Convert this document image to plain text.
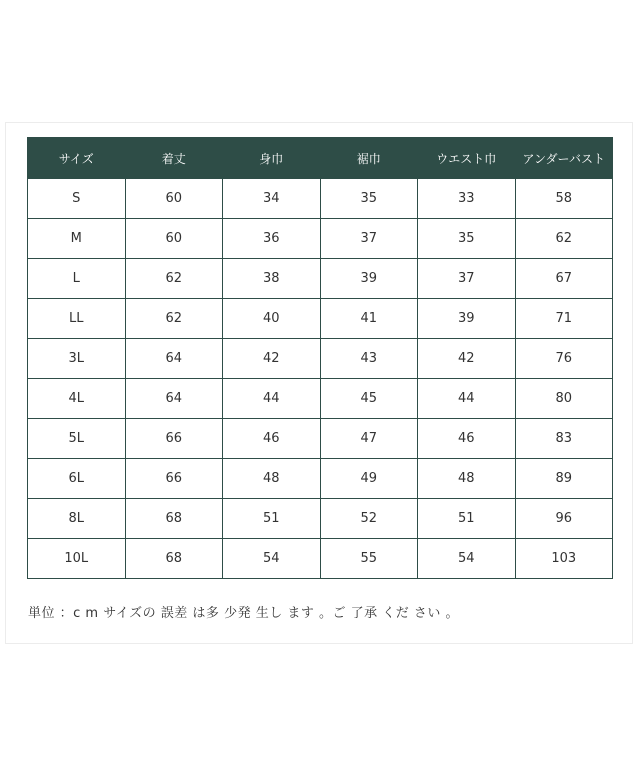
サイズ	着丈	身巾	裾巾	ウエスト巾	アンダーバスト
S	60	34	35	33	58
M	60	36	37	35	62
L	62	38	39	37	67
LL	62	40	41	39	71
3L	64	42	43	42	76
4L	64	44	45	44	80
5L	66	46	47	46	83
6L	66	48	49	48	89
8L	68	51	52	51	96
10L	68	54	55	54	103
単位 ：c m サイズの 誤差 は多 少発 生し ます 。ご 了承 くだ さい 。
